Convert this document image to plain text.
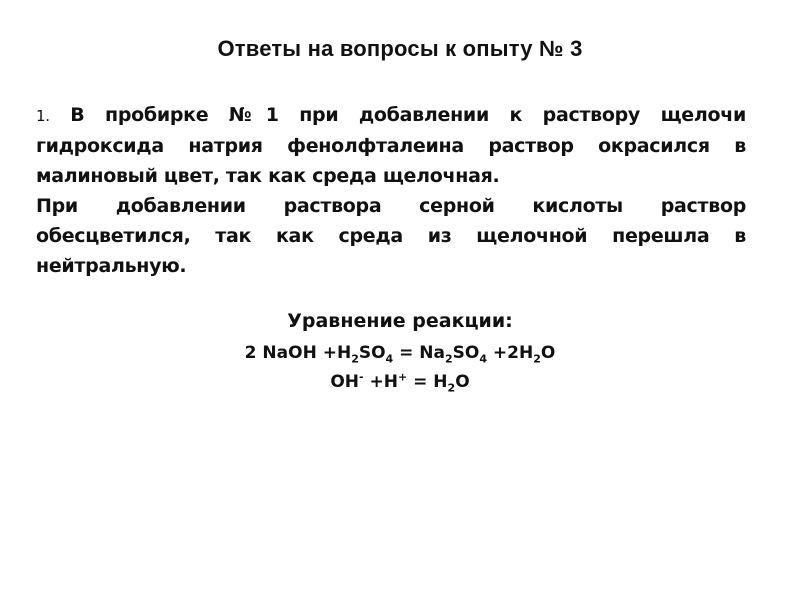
Ответы на вопросы к опыту № 3

1. В пробирке №1 при добавлении к раствору щелочи гидроксида натрия фенолфталеина раствор окрасился в малиновый цвет, так как среда щелочная.

При добавлении раствора серной кислоты раствор обесцветился, так как среда из щелочной перешла в нейтральную.

Уравнение реакции:
2 NaOH $+H_2SO_4 = Na_2SO_4 +2H_2O$
$OH^- +H^+ = H_2O$
